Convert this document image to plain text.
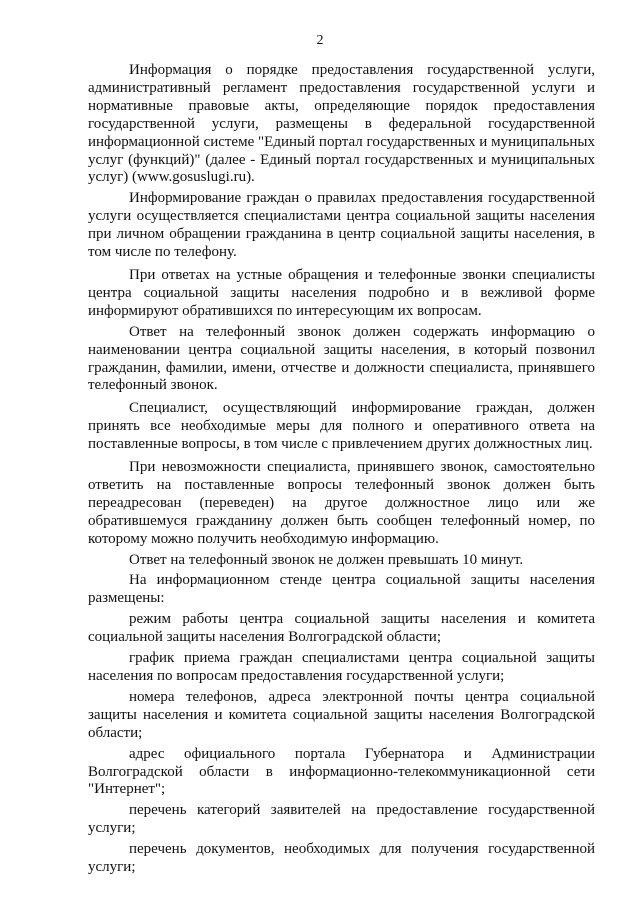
2

Информация о порядке предоставления государственной услуги, административный регламент предоставления государственной услуги и нормативные правовые акты, определяющие порядок предоставления государственной услуги, размещены в федеральной государственной информационной системе "Единый портал государственных и муниципальных услуг (функций)" (далее - Единый портал государственных и муниципальных услуг) (www.gosuslugi.ru).

Информирование граждан о правилах предоставления государственной услуги осуществляется специалистами центра социальной защиты населения при личном обращении гражданина в центр социальной защиты населения, в том числе по телефону.

При ответах на устные обращения и телефонные звонки специалисты центра социальной защиты населения подробно и в вежливой форме информируют обратившихся по интересующим их вопросам.

Ответ на телефонный звонок должен содержать информацию о наименовании центра социальной защиты населения, в который позвонил гражданин, фамилии, имени, отчестве и должности специалиста, принявшего телефонный звонок.

Специалист, осуществляющий информирование граждан, должен принять все необходимые меры для полного и оперативного ответа на поставленные вопросы, в том числе с привлечением других должностных лиц.

При невозможности специалиста, принявшего звонок, самостоятельно ответить на поставленные вопросы телефонный звонок должен быть переадресован (переведен) на другое должностное лицо или же обратившемуся гражданину должен быть сообщен телефонный номер, по которому можно получить необходимую информацию.

Ответ на телефонный звонок не должен превышать 10 минут.

На информационном стенде центра социальной защиты населения размещены:

режим работы центра социальной защиты населения и комитета социальной защиты населения Волгоградской области;

график приема граждан специалистами центра социальной защиты населения по вопросам предоставления государственной услуги;

номера телефонов, адреса электронной почты центра социальной защиты населения и комитета социальной защиты населения Волгоградской области;

адрес официального портала Губернатора и Администрации Волгоградской области в информационно-телекоммуникационной сети "Интернет";

перечень категорий заявителей на предоставление государственной услуги;

перечень документов, необходимых для получения государственной услуги;
